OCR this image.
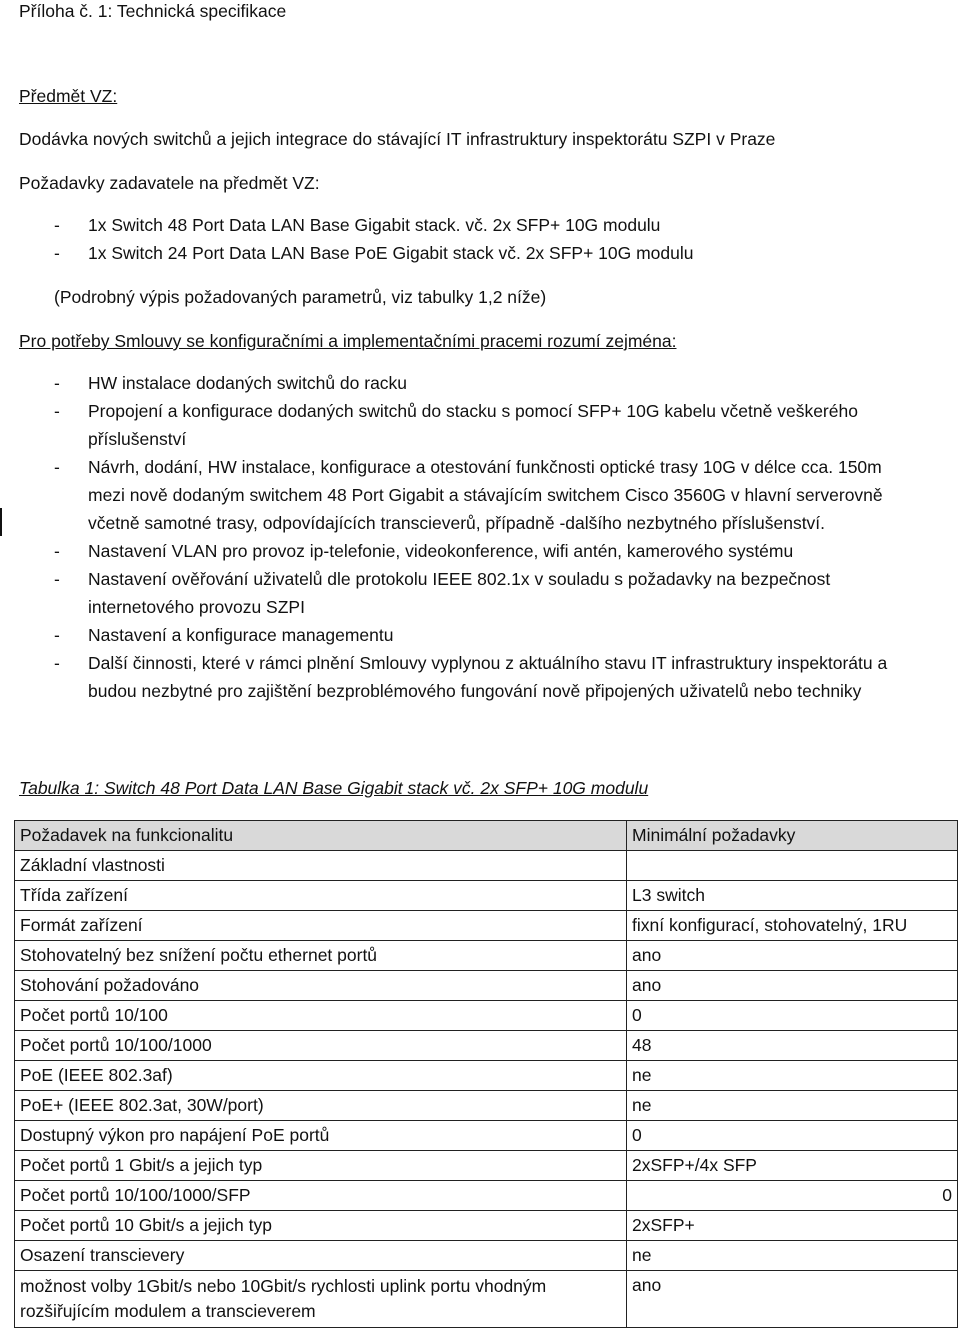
Příloha č. 1: Technická specifikace
Předmět VZ:
Dodávka nových switchů a jejich integrace do stávající IT infrastruktury inspektorátu SZPI v Praze
Požadavky zadavatele na předmět VZ:
- 1x Switch 48 Port Data LAN Base Gigabit stack. vč. 2x SFP+ 10G modulu
- 1x Switch 24 Port Data LAN Base PoE Gigabit stack vč. 2x SFP+ 10G modulu
(Podrobný výpis požadovaných parametrů, viz tabulky 1,2 níže)
Pro potřeby Smlouvy se konfiguračními a implementačními pracemi rozumí zejména:
- HW instalace dodaných switchů do racku
- Propojení a konfigurace dodaných switchů do stacku s pomocí SFP+ 10G kabelu včetně veškerého příslušenství
- Návrh, dodání, HW instalace, konfigurace a otestování funkčnosti optické trasy 10G v délce cca. 150m mezi nově dodaným switchem 48 Port Gigabit a stávajícím switchem Cisco 3560G v hlavní serverovně včetně samotné trasy, odpovídajících transcieverů, případně -dalšího nezbytného příslušenství.
- Nastavení VLAN pro provoz ip-telefonie, videokonference, wifi antén, kamerového systému
- Nastavení ověřování uživatelů dle protokolu IEEE 802.1x v souladu s požadavky na bezpečnost internetového provozu SZPI
- Nastavení a konfigurace managementu
- Další činnosti, které v rámci plnění Smlouvy vyplynou z aktuálního stavu IT infrastruktury inspektorátu a budou nezbytné pro zajištění bezproblémového fungování nově připojených uživatelů nebo techniky
Tabulka 1: Switch 48 Port Data LAN Base Gigabit stack vč. 2x SFP+ 10G modulu
Požadavek na funkcionalitu	Minimální požadavky
Základní vlastnosti	
Třída zařízení	L3 switch
Formát zařízení	fixní konfigurací, stohovatelný, 1RU
Stohovatelný bez snížení počtu ethernet portů	ano
Stohování požadováno	ano
Počet portů 10/100	0
Počet portů 10/100/1000	48
PoE (IEEE 802.3af)	ne
PoE+ (IEEE 802.3at, 30W/port)	ne
Dostupný výkon pro napájení PoE portů	0
Počet portů 1 Gbit/s a jejich typ	2xSFP+/4x SFP
Počet portů 10/100/1000/SFP	0
Počet portů 10 Gbit/s a jejich typ	2xSFP+
Osazení transcievery	ne
možnost volby 1Gbit/s nebo 10Gbit/s rychlosti uplink portu vhodným rozšiřujícím modulem a transcieverem	ano
